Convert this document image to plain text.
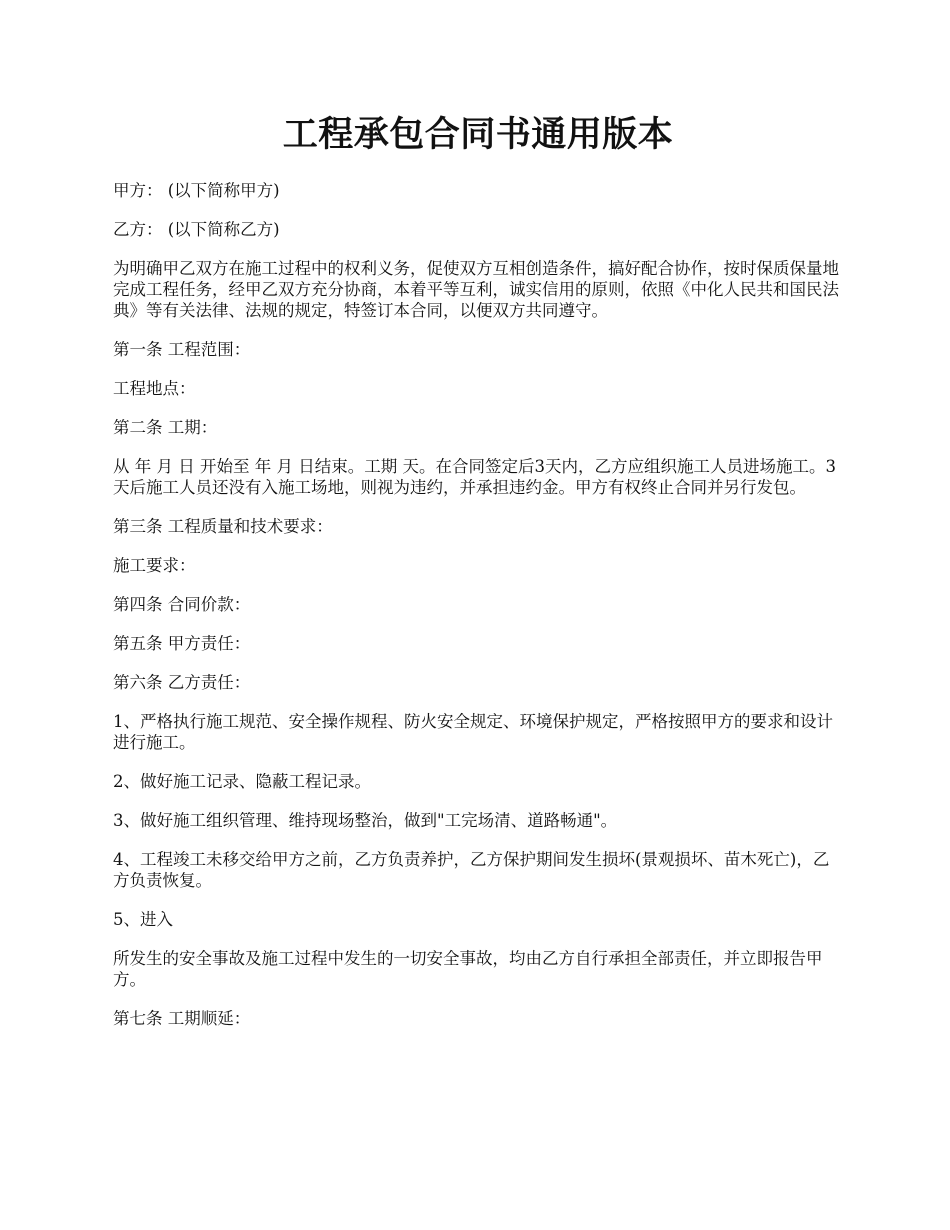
工程承包合同书通用版本

甲方： (以下简称甲方)

乙方： (以下简称乙方)

为明确甲乙双方在施工过程中的权利义务，促使双方互相创造条件，搞好配合协作，按时保质保量地完成工程任务，经甲乙双方充分协商，本着平等互利，诚实信用的原则，依照《中化人民共和国民法典》等有关法律、法规的规定，特签订本合同，以便双方共同遵守。

第一条 工程范围：

工程地点：

第二条 工期：

从 年 月 日 开始至 年 月 日结束。工期 天。在合同签定后3天内，乙方应组织施工人员进场施工。3天后施工人员还没有入施工场地，则视为违约，并承担违约金。甲方有权终止合同并另行发包。

第三条 工程质量和技术要求：

施工要求：

第四条 合同价款：

第五条 甲方责任：

第六条 乙方责任：

1、严格执行施工规范、安全操作规程、防火安全规定、环境保护规定，严格按照甲方的要求和设计进行施工。

2、做好施工记录、隐蔽工程记录。

3、做好施工组织管理、维持现场整治，做到"工完场清、道路畅通"。

4、工程竣工未移交给甲方之前，乙方负责养护，乙方保护期间发生损坏(景观损坏、苗木死亡)，乙方负责恢复。

5、进入

所发生的安全事故及施工过程中发生的一切安全事故，均由乙方自行承担全部责任，并立即报告甲方。

第七条 工期顺延：
